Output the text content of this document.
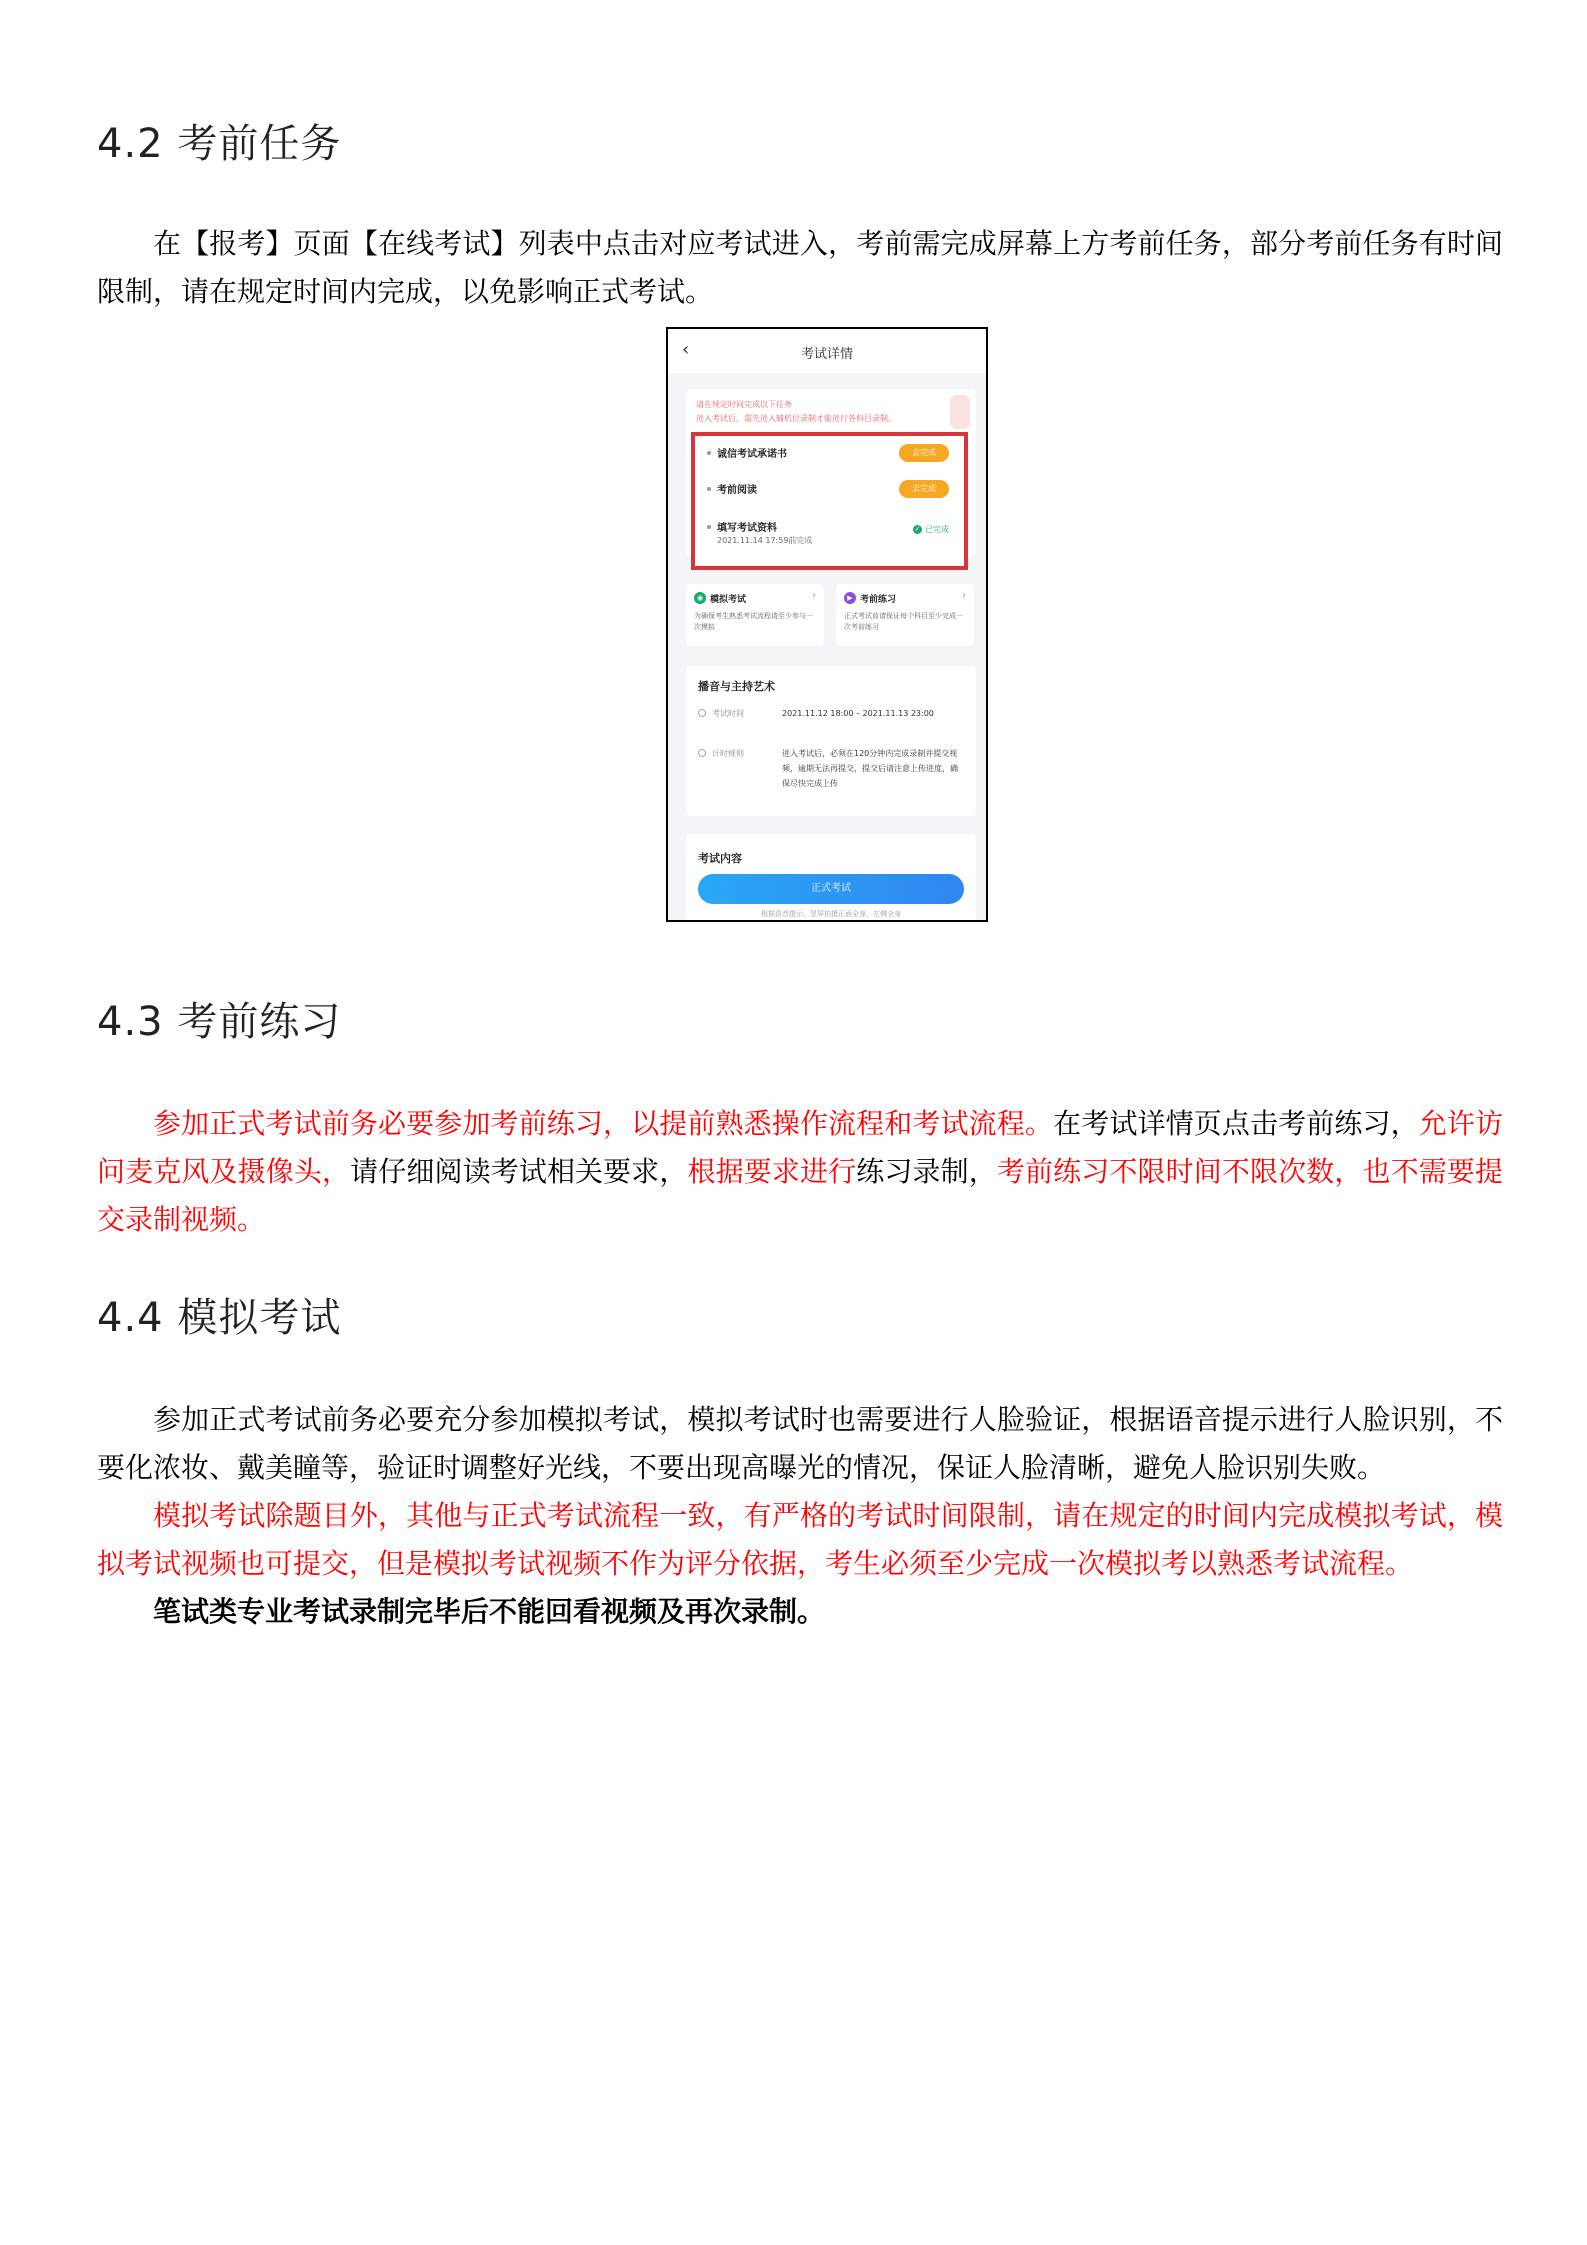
4.2 考前任务
在【报考】页面【在线考试】列表中点击对应考试进入，考前需完成屏幕上方考前任务，部分考前任务有时间限制，请在规定时间内完成，以免影响正式考试。
‹	考试详情
请在规定时间完成以下任务
进入考试后，需先进入辅机位录制才能进行各科目录制。
诚信考试承诺书	去完成
考前阅读	去完成
填写考试资料
2021.11.14 17:59前完成
✓ 已完成
◉ 模拟考试	›
为确保考生熟悉考试流程请至少参与一次模拟
▶ 考前练习	›
正式考试前请保证每个科目至少完成一次考前练习
播音与主持艺术
考试时间	2021.11.12 18:00 – 2021.11.13 23:00
计时规则	进入考试后，必须在120分钟内完成录制并提交视频，逾期无法再提交，提交后请注意上传进度，确保尽快完成上传
考试内容
正式考试
根据语音提示，竖屏拍摄正面全身，左侧全身
4.3 考前练习
参加正式考试前务必要参加考前练习，以提前熟悉操作流程和考试流程。在考试详情页点击考前练习，允许访问麦克风及摄像头，请仔细阅读考试相关要求，根据要求进行练习录制，考前练习不限时间不限次数，也不需要提交录制视频。
4.4 模拟考试
参加正式考试前务必要充分参加模拟考试，模拟考试时也需要进行人脸验证，根据语音提示进行人脸识别，不要化浓妆、戴美瞳等，验证时调整好光线，不要出现高曝光的情况，保证人脸清晰，避免人脸识别失败。
模拟考试除题目外，其他与正式考试流程一致，有严格的考试时间限制，请在规定的时间内完成模拟考试，模拟考试视频也可提交，但是模拟考试视频不作为评分依据，考生必须至少完成一次模拟考以熟悉考试流程。
笔试类专业考试录制完毕后不能回看视频及再次录制。
